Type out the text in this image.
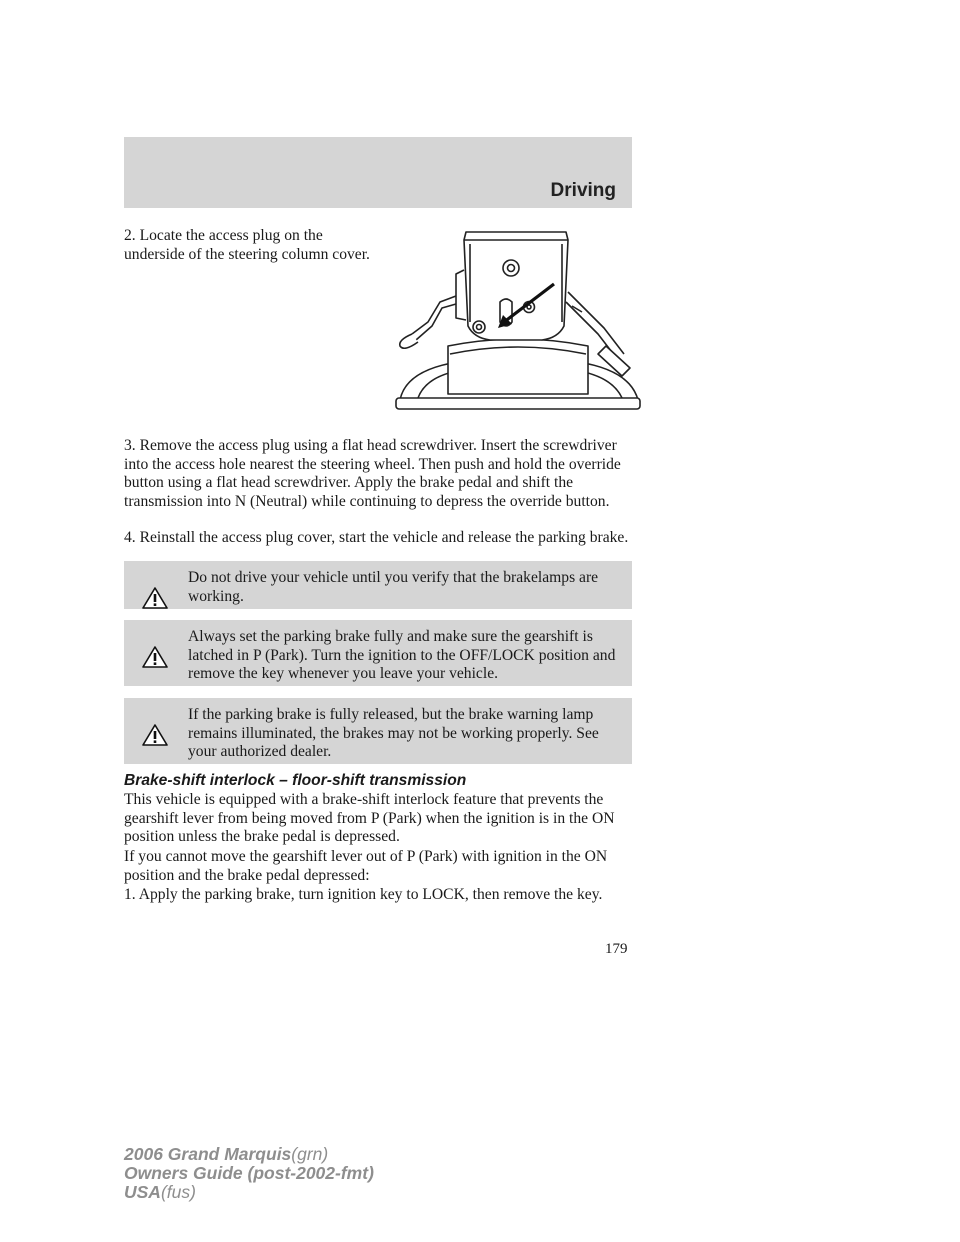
Driving

2. Locate the access plug on the underside of the steering column cover.

3. Remove the access plug using a flat head screwdriver. Insert the screwdriver into the access hole nearest the steering wheel. Then push and hold the override button using a flat head screwdriver. Apply the brake pedal and shift the transmission into N (Neutral) while continuing to depress the override button.

4. Reinstall the access plug cover, start the vehicle and release the parking brake.

Do not drive your vehicle until you verify that the brakelamps are working.

Always set the parking brake fully and make sure the gearshift is latched in P (Park). Turn the ignition to the OFF/LOCK position and remove the key whenever you leave your vehicle.

If the parking brake is fully released, but the brake warning lamp remains illuminated, the brakes may not be working properly. See your authorized dealer.

Brake-shift interlock – floor-shift transmission

This vehicle is equipped with a brake-shift interlock feature that prevents the gearshift lever from being moved from P (Park) when the ignition is in the ON position unless the brake pedal is depressed.

If you cannot move the gearshift lever out of P (Park) with ignition in the ON position and the brake pedal depressed:

1. Apply the parking brake, turn ignition key to LOCK, then remove the key.

179
2006 Grand Marquis(grn)
Owners Guide (post-2002-fmt)
USA(fus)
